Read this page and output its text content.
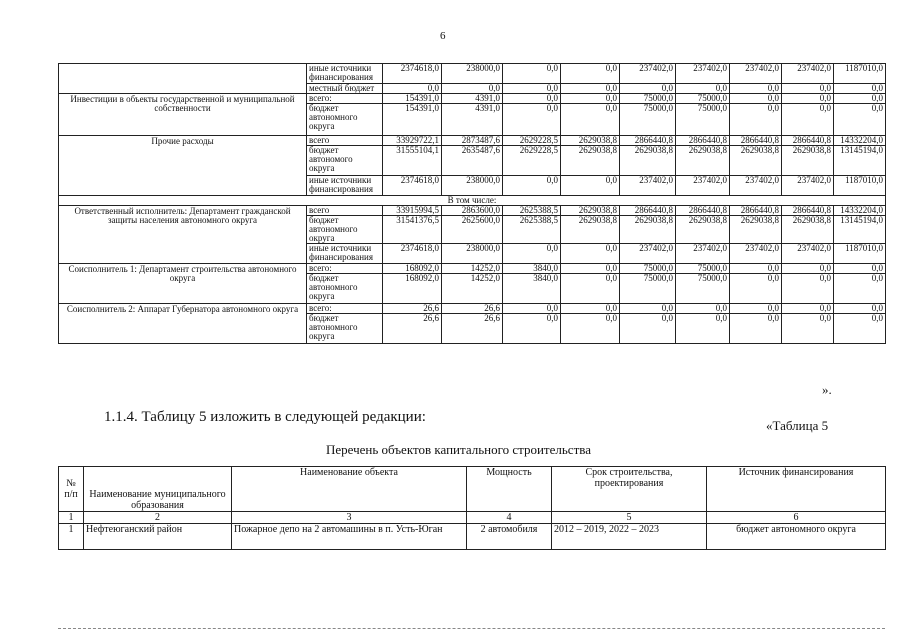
6
	иные источники финансирования	2374618,0	238000,0	0,0	0,0	237402,0	237402,0	237402,0	237402,0	1187010,0
	местный бюджет	0,0	0,0	0,0	0,0	0,0	0,0	0,0	0,0	0,0
Инвестиции в объекты государственной и муниципальной собственности	всего:	154391,0	4391,0	0,0	0,0	75000,0	75000,0	0,0	0,0	0,0
	бюджет автономного округа	154391,0	4391,0	0,0	0,0	75000,0	75000,0	0,0	0,0	0,0
Прочие расходы	всего	33929722,1	2873487,6	2629228,5	2629038,8	2866440,8	2866440,8	2866440,8	2866440,8	14332204,0
	бюджет автономого округа	31555104,1	2635487,6	2629228,5	2629038,8	2629038,8	2629038,8	2629038,8	2629038,8	13145194,0
	иные источники финансирования	2374618,0	238000,0	0,0	0,0	237402,0	237402,0	237402,0	237402,0	1187010,0
В том числе:										
Ответственный исполнитель: Департамент гражданской защиты населения автономного округа	всего	33915994,5	2863600,0	2625388,5	2629038,8	2866440,8	2866440,8	2866440,8	2866440,8	14332204,0
	бюджет автономного округа	31541376,5	2625600,0	2625388,5	2629038,8	2629038,8	2629038,8	2629038,8	2629038,8	13145194,0
	иные источники финансирования	2374618,0	238000,0	0,0	0,0	237402,0	237402,0	237402,0	237402,0	1187010,0
Соисполнитель 1: Департамент строительства автономного округа	всего:	168092,0	14252,0	3840,0	0,0	75000,0	75000,0	0,0	0,0	0,0
	бюджет автономного округа	168092,0	14252,0	3840,0	0,0	75000,0	75000,0	0,0	0,0	0,0
Соисполнитель 2: Аппарат Губернатора автономного округа	всего:	26,6	26,6	0,0	0,0	0,0	0,0	0,0	0,0	0,0
	бюджет автономного округа	26,6	26,6	0,0	0,0	0,0	0,0	0,0	0,0	0,0
».
1.1.4. Таблицу 5 изложить в следующей редакции:
«Таблица 5
Перечень объектов капитального строительства
№ п/п	Наименование муниципального образования	Наименование объекта	Мощность	Срок строительства, проектирования	Источник финансирования
1	2	3	4	5	6
1	Нефтеюганский район	Пожарное депо на 2 автомашины в п. Усть-Юган	2 автомобиля	2012 – 2019, 2022 – 2023	бюджет автономного округа
